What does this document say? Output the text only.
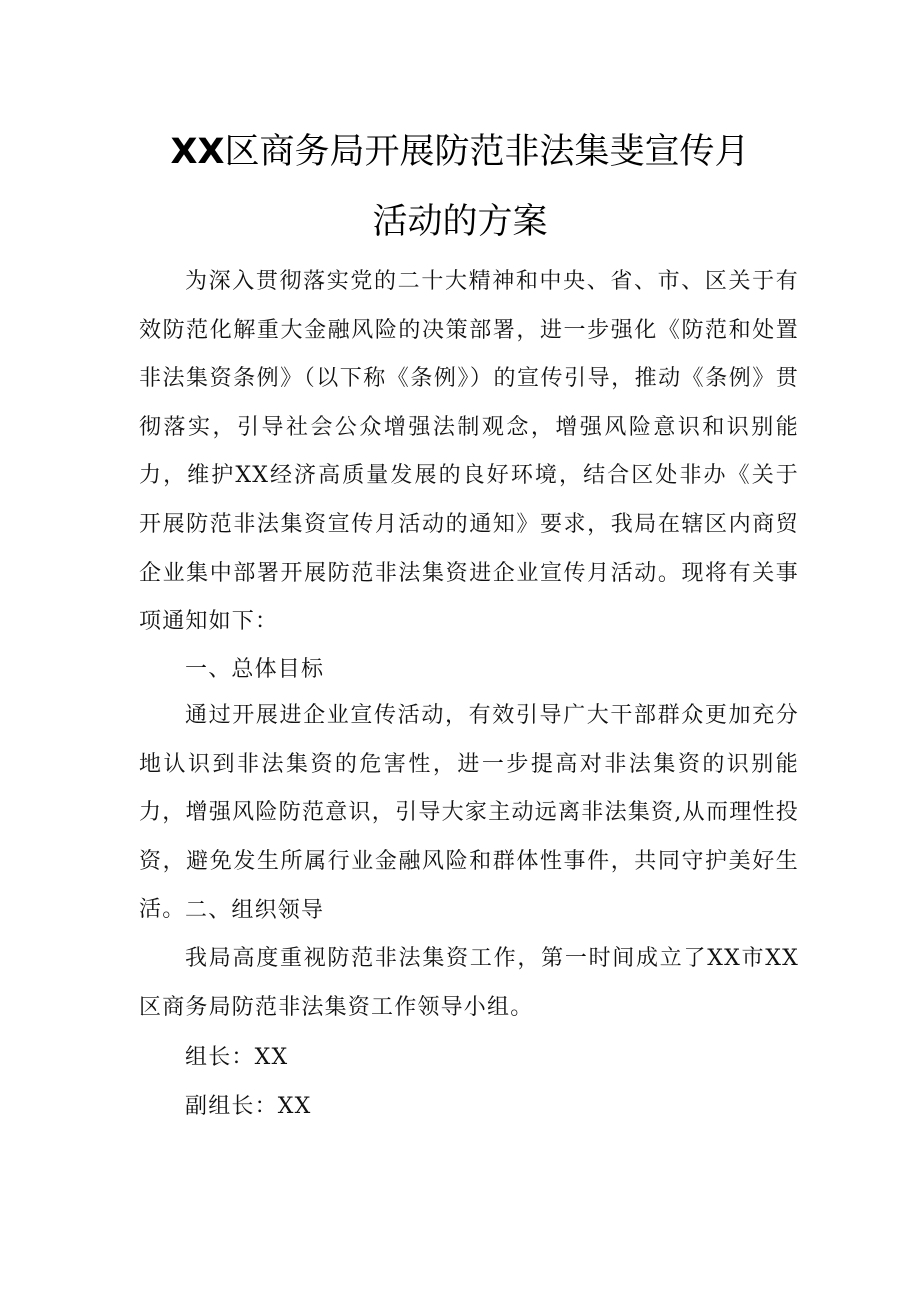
XX区商务局开展防范非法集斐宣传月
活动的方案

为深入贯彻落实党的二十大精神和中央、省、市、区关于有效防范化解重大金融风险的决策部署，进一步强化《防范和处置非法集资条例》（以下称《条例》）的宣传引导，推动《条例》贯彻落实，引导社会公众增强法制观念，增强风险意识和识别能力，维护XX经济高质量发展的良好环境，结合区处非办《关于开展防范非法集资宣传月活动的通知》要求，我局在辖区内商贸企业集中部署开展防范非法集资进企业宣传月活动。现将有关事项通知如下：

一、总体目标

通过开展进企业宣传活动，有效引导广大干部群众更加充分地认识到非法集资的危害性，进一步提高对非法集资的识别能力，增强风险防范意识，引导大家主动远离非法集资,从而理性投资，避免发生所属行业金融风险和群体性事件，共同守护美好生活。 二、组织领导

我局高度重视防范非法集资工作，第一时间成立了XX市XX区商务局防范非法集资工作领导小组。

组长：XX

副组长：XX
